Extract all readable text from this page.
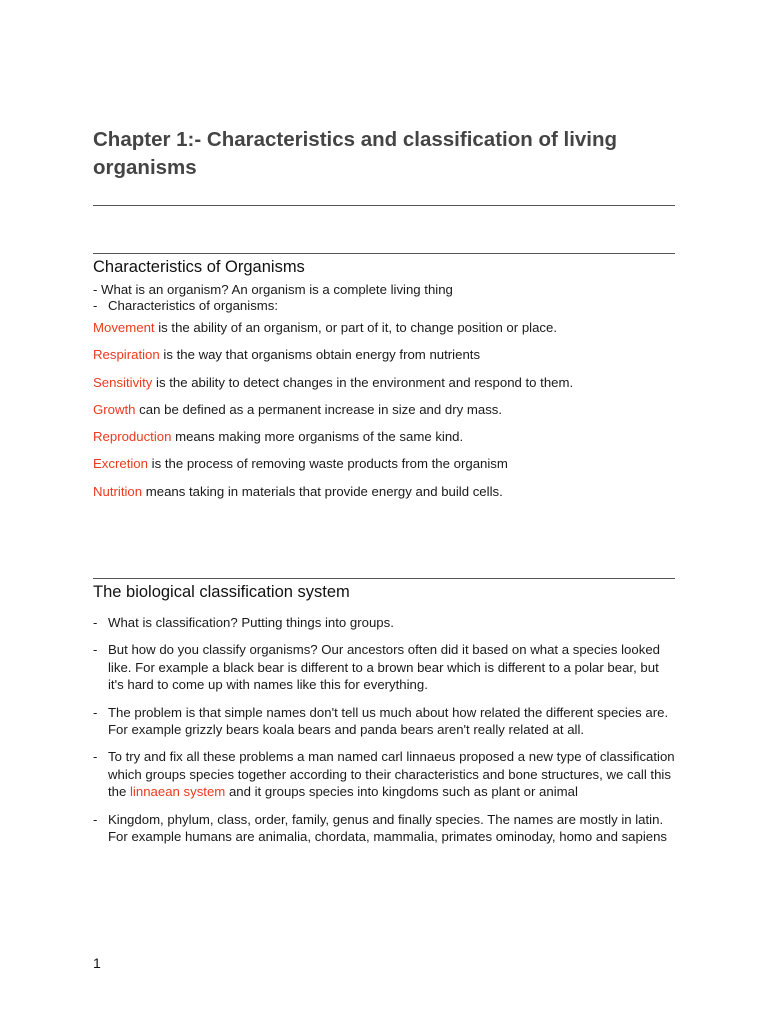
Chapter 1:- Characteristics and classification of living organisms
Characteristics of Organisms
- What is an organism? An organism is a complete living thing
- Characteristics of organisms:

Movement is the ability of an organism, or part of it, to change position or place.

Respiration is the way that organisms obtain energy from nutrients

Sensitivity is the ability to detect changes in the environment and respond to them.

Growth can be defined as a permanent increase in size and dry mass.

Reproduction means making more organisms of the same kind.

Excretion is the process of removing waste products from the organism

Nutrition means taking in materials that provide energy and build cells.

The biological classification system
- What is classification? Putting things into groups.
- But how do you classify organisms? Our ancestors often did it based on what a species looked like. For example a black bear is different to a brown bear which is different to a polar bear, but it's hard to come up with names like this for everything.
- The problem is that simple names don't tell us much about how related the different species are. For example grizzly bears koala bears and panda bears aren't really related at all.
- To try and fix all these problems a man named carl linnaeus proposed a new type of classification which groups species together according to their characteristics and bone structures, we call this the linnaean system and it groups species into kingdoms such as plant or animal
- Kingdom, phylum, class, order, family, genus and finally species. The names are mostly in latin. For example humans are animalia, chordata, mammalia, primates ominoday, homo and sapiens
1
